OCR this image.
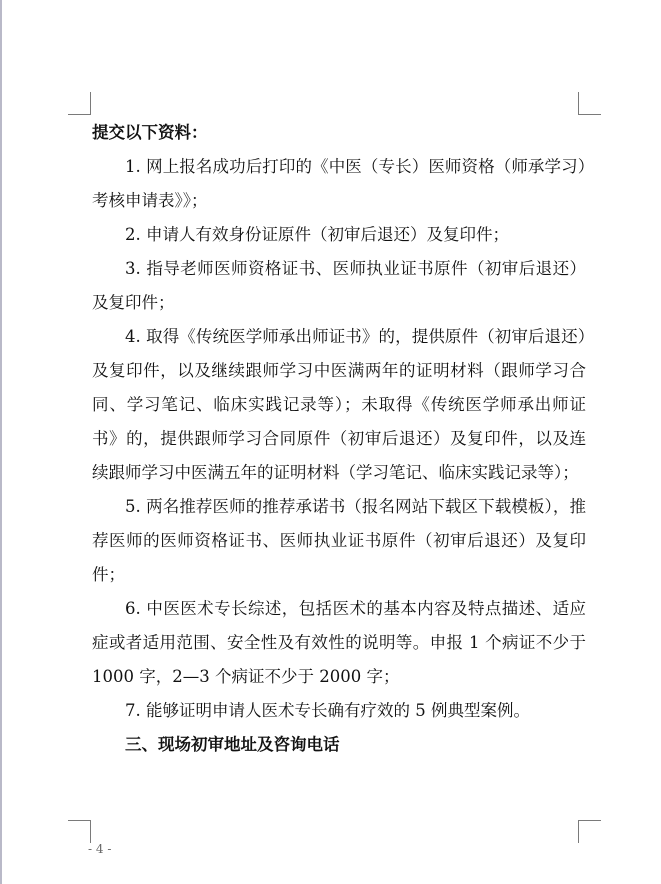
提交以下资料：

1. 网上报名成功后打印的《中医（专长）医师资格（师承学习）考核申请表》》；

2. 申请人有效身份证原件（初审后退还）及复印件；

3. 指导老师医师资格证书、医师执业证书原件（初审后退还）及复印件；

4. 取得《传统医学师承出师证书》的，提供原件（初审后退还）及复印件，以及继续跟师学习中医满两年的证明材料（跟师学习合同、学习笔记、临床实践记录等）；未取得《传统医学师承出师证书》的，提供跟师学习合同原件（初审后退还）及复印件，以及连续跟师学习中医满五年的证明材料（学习笔记、临床实践记录等）；

5. 两名推荐医师的推荐承诺书（报名网站下载区下载模板），推荐医师的医师资格证书、医师执业证书原件（初审后退还）及复印件；

6. 中医医术专长综述，包括医术的基本内容及特点描述、适应症或者适用范围、安全性及有效性的说明等。申报 1 个病证不少于 1000 字，2—3 个病证不少于 2000 字；

7. 能够证明申请人医术专长确有疗效的 5 例典型案例。

三、现场初审地址及咨询电话

- 4 -
